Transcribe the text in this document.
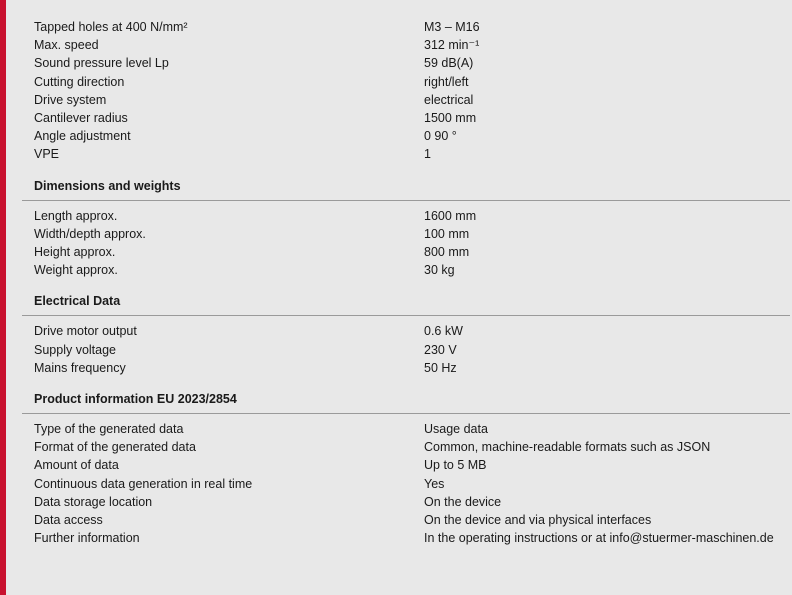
Tapped holes at 400 N/mm²	M3 – M16
Max. speed	312 min⁻¹
Sound pressure level Lp	59 dB(A)
Cutting direction	right/left
Drive system	electrical
Cantilever radius	1500 mm
Angle adjustment	0 90 °
VPE	1
Dimensions and weights
Length approx.	1600 mm
Width/depth approx.	100 mm
Height approx.	800 mm
Weight approx.	30 kg
Electrical Data
Drive motor output	0.6 kW
Supply voltage	230 V
Mains frequency	50 Hz
Product information EU 2023/2854
Type of the generated data	Usage data
Format of the generated data	Common, machine-readable formats such as JSON
Amount of data	Up to 5 MB
Continuous data generation in real time	Yes
Data storage location	On the device
Data access	On the device and via physical interfaces
Further information	In the operating instructions or at info@stuermer-maschinen.de
